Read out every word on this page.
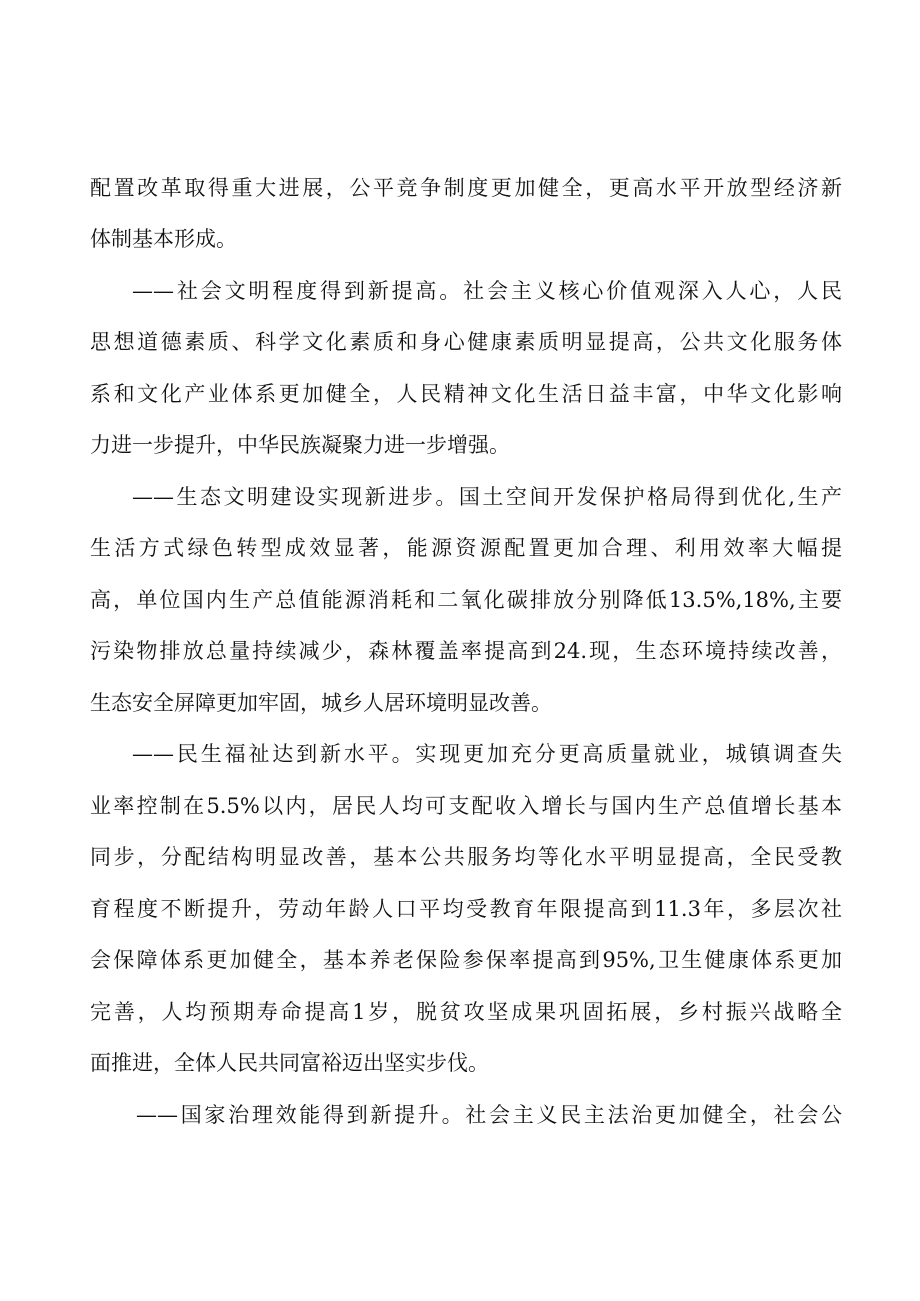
配置改革取得重大进展，公平竞争制度更加健全，更高水平开放型经济新
体制基本形成。
——社会文明程度得到新提高。社会主义核心价值观深入人心，人民
思想道德素质、科学文化素质和身心健康素质明显提高，公共文化服务体
系和文化产业体系更加健全，人民精神文化生活日益丰富，中华文化影响
力进一步提升，中华民族凝聚力进一步增强。
——生态文明建设实现新进步。国土空间开发保护格局得到优化,生产
生活方式绿色转型成效显著，能源资源配置更加合理、利用效率大幅提
高，单位国内生产总值能源消耗和二氧化碳排放分别降低13.5%,18%,主要
污染物排放总量持续减少，森林覆盖率提高到24.现，生态环境持续改善，
生态安全屏障更加牢固，城乡人居环境明显改善。
——民生福祉达到新水平。实现更加充分更高质量就业，城镇调查失
业率控制在5.5%以内，居民人均可支配收入增长与国内生产总值增长基本
同步，分配结构明显改善，基本公共服务均等化水平明显提高，全民受教
育程度不断提升，劳动年龄人口平均受教育年限提高到11.3年，多层次社
会保障体系更加健全，基本养老保险参保率提高到95%,卫生健康体系更加
完善，人均预期寿命提高1岁，脱贫攻坚成果巩固拓展，乡村振兴战略全
面推进，全体人民共同富裕迈出坚实步伐。
——国家治理效能得到新提升。社会主义民主法治更加健全，社会公
